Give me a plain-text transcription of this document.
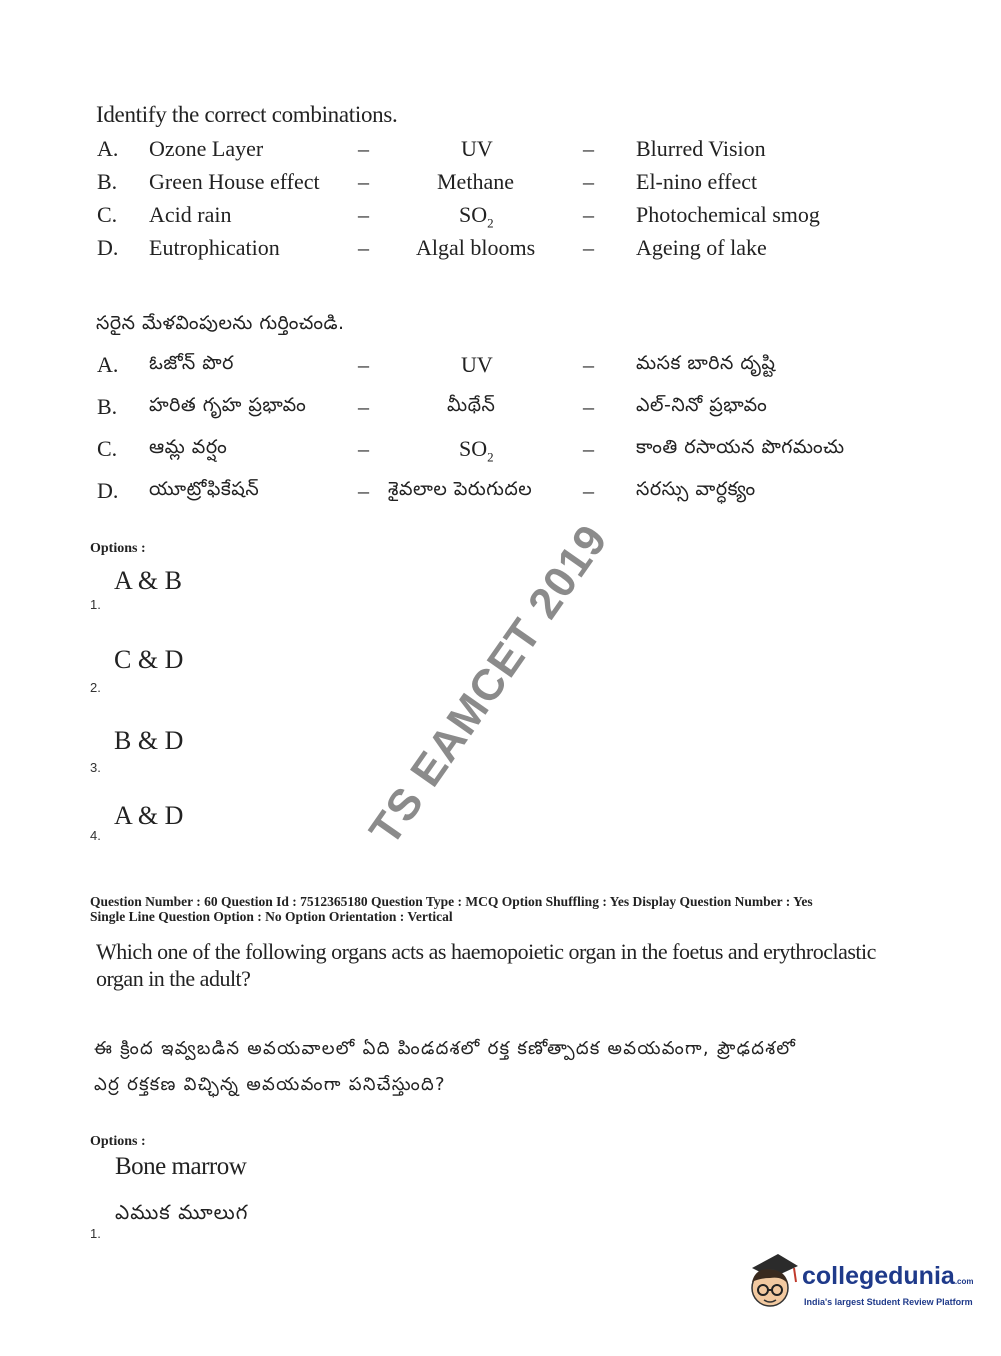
Identify the correct combinations.
A. Ozone Layer	–	UV	– Blurred Vision
B. Green House effect –	Methane	– El-nino effect
C. Acid rain	–	$SO_2$	– Photochemical smog
D. Eutrophication	– Algal blooms – Ageing of lake
సరైన మేళవింపులను గుర్తించండి.
A. ఓజోన్ పొర	–	UV	– మసక బారిన దృష్టి
B. హరిత గృహ ప్రభావం –	మీథేన్	– ఎల్-నినో ప్రభావం
C. ఆమ్ల వర్షం	–	$SO_2$	– కాంతి రసాయన పొగమంచు
D. యూట్రోఫికేషన్	– శైవలాల పెరుగుదల – సరస్సు వార్ధక్యం
Options :
A & B
1.
C & D
2.
B & D
3.
A & D
4.	TS EAMCET 2019
Question Number : 60 Question Id : 7512365180 Question Type : MCQ Option Shuffling : Yes Display Question Number : Yes
Single Line Question Option : No Option Orientation : Vertical
Which one of the following organs acts as haemopoietic organ in the foetus and erythroclastic
organ in the adult?
ఈ క్రింద ఇవ్వబడిన అవయవాలలో ఏది పిండదశలో రక్త కణోత్పాదక అవయవంగా, ప్రౌఢదశలో
ఎర్ర రక్తకణ విచ్ఛిన్న అవయవంగా పనిచేస్తుంది?
Options :
Bone marrow
ఎముక మూలుగ
1.
collegedunia.com
India's largest Student Review Platform
